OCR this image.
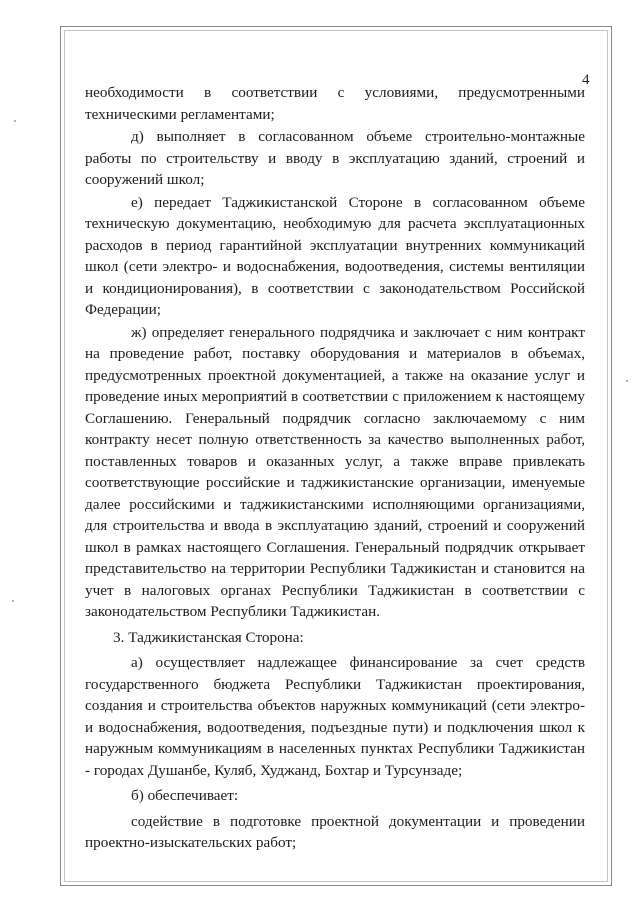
4

необходимости в соответствии с условиями, предусмотренными техническими регламентами;

д) выполняет в согласованном объеме строительно-монтажные работы по строительству и вводу в эксплуатацию зданий, строений и сооружений школ;

е) передает Таджикистанской Стороне в согласованном объеме техническую документацию, необходимую для расчета эксплуатационных расходов в период гарантийной эксплуатации внутренних коммуникаций школ (сети электро- и водоснабжения, водоотведения, системы вентиляции и кондиционирования), в соответствии с законодательством Российской Федерации;

ж) определяет генерального подрядчика и заключает с ним контракт на проведение работ, поставку оборудования и материалов в объемах, предусмотренных проектной документацией, а также на оказание услуг и проведение иных мероприятий в соответствии с приложением к настоящему Соглашению. Генеральный подрядчик согласно заключаемому с ним контракту несет полную ответственность за качество выполненных работ, поставленных товаров и оказанных услуг, а также вправе привлекать соответствующие российские и таджикистанские организации, именуемые далее российскими и таджикистанскими исполняющими организациями, для строительства и ввода в эксплуатацию зданий, строений и сооружений школ в рамках настоящего Соглашения. Генеральный подрядчик открывает представительство на территории Республики Таджикистан и становится на учет в налоговых органах Республики Таджикистан в соответствии с законодательством Республики Таджикистан.

3. Таджикистанская Сторона:

а) осуществляет надлежащее финансирование за счет средств государственного бюджета Республики Таджикистан проектирования, создания и строительства объектов наружных коммуникаций (сети электро- и водоснабжения, водоотведения, подъездные пути) и подключения школ к наружным коммуникациям в населенных пунктах Республики Таджикистан - городах Душанбе, Куляб, Худжанд, Бохтар и Турсунзаде;

б) обеспечивает:

содействие в подготовке проектной документации и проведении проектно-изыскательских работ;
